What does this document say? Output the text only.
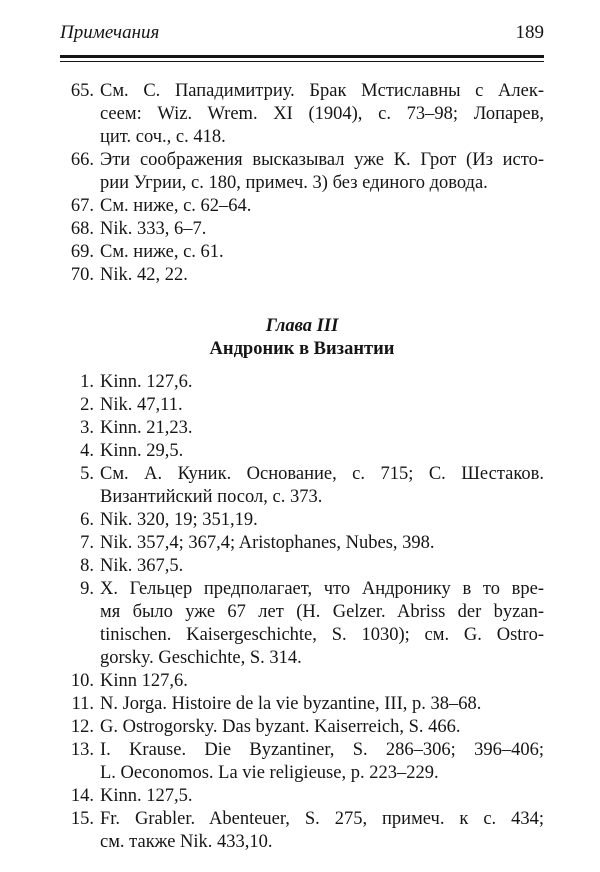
Примечания	189
65. См. С. Пападимитриу. Брак Мстиславны с Алек-
сеем: Wiz. Wrem. XI (1904), с. 73–98; Лопарев,
цит. соч., с. 418.
66. Эти соображения высказывал уже К. Грот (Из исто-
рии Угрии, с. 180, примеч. 3) без единого довода.
67. См. ниже, с. 62–64.
68. Nik. 333, 6–7.
69. См. ниже, с. 61.
70. Nik. 42, 22.
Глава III
Андроник в Византии
1. Kinn. 127,6.
2. Nik. 47,11.
3. Kinn. 21,23.
4. Kinn. 29,5.
5. См. А. Куник. Основание, с. 715; С. Шестаков.
Византийский посол, с. 373.
6. Nik. 320, 19; 351,19.
7. Nik. 357,4; 367,4; Aristophanes, Nubes, 398.
8. Nik. 367,5.
9. Х. Гельцер предполагает, что Андронику в то вре-
мя было уже 67 лет (H. Gelzer. Abriss der byzan-
tinischen. Kaisergeschichte, S. 1030); см. G. Ostro-
gorsky. Geschichte, S. 314.
10. Kinn 127,6.
11. N. Jorga. Histoire de la vie byzantine, III, p. 38–68.
12. G. Ostrogorsky. Das byzant. Kaiserreich, S. 466.
13. I. Krause. Die Byzantiner, S. 286–306; 396–406;
L. Oeconomos. La vie religieuse, p. 223–229.
14. Kinn. 127,5.
15. Fr. Grabler. Abenteuer, S. 275, примеч. к с. 434;
см. также Nik. 433,10.
